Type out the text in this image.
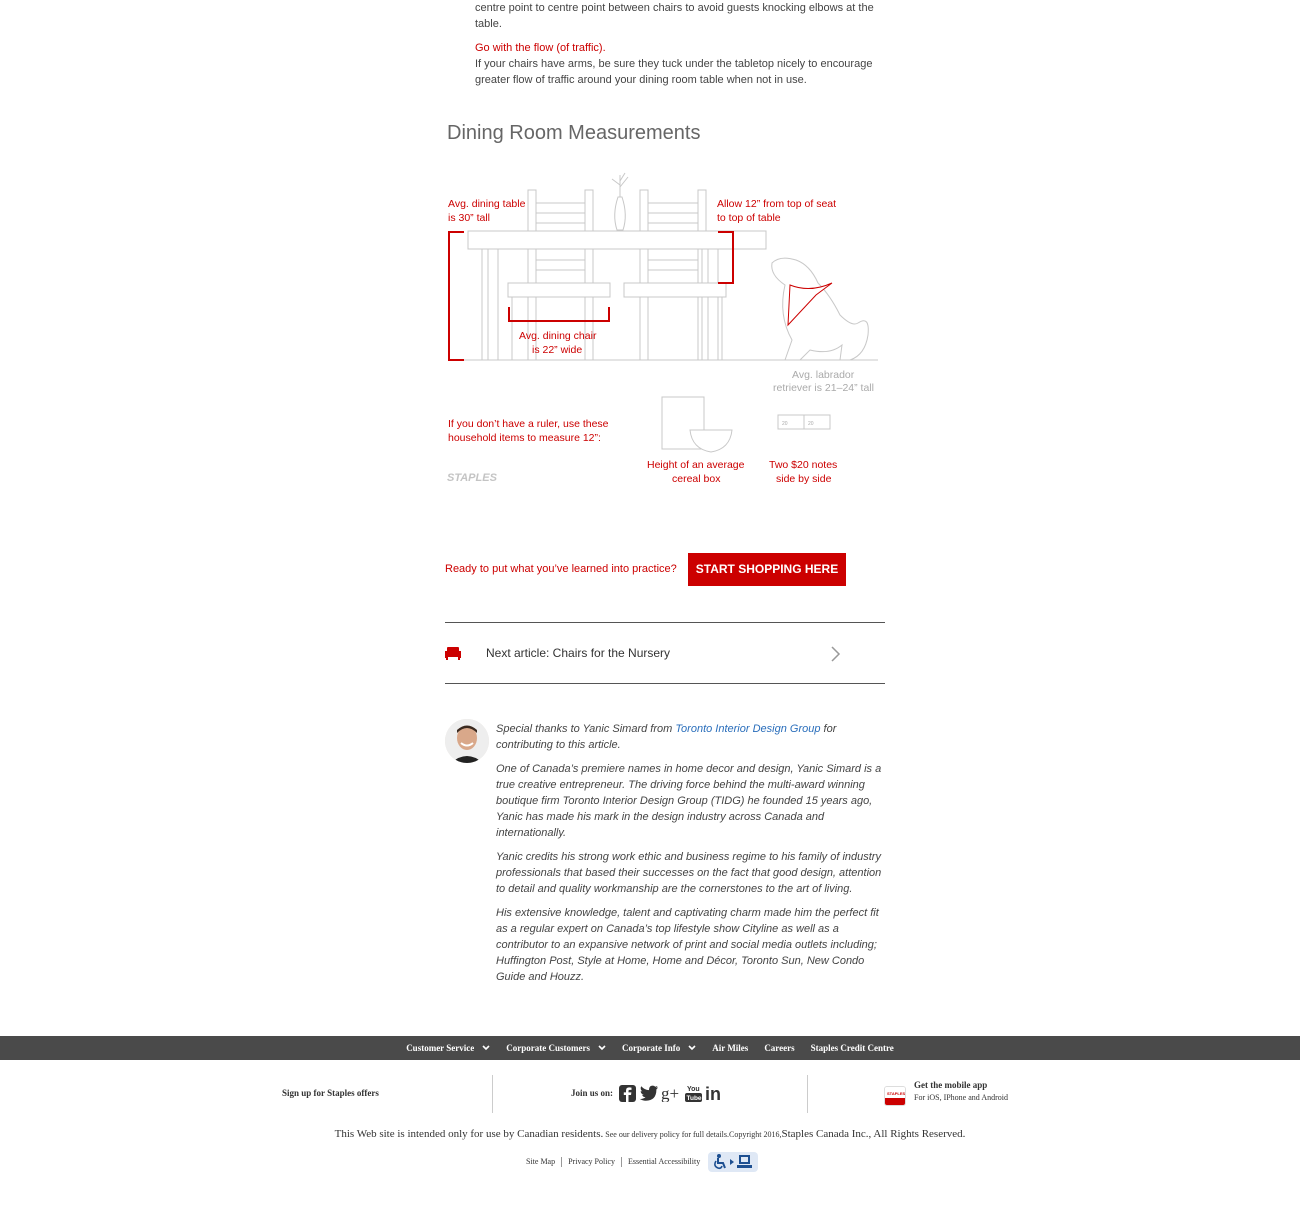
centre point to centre point between chairs to avoid guests knocking elbows at the

table.

Go with the flow (of traffic).

If your chairs have arms, be sure they tuck under the tabletop nicely to encourage greater flow of traffic around your dining room table when not in use.

Dining Room Measurements
Avg. dining table
is 30” tall
Allow 12” from top of seat
to top of table
Avg. dining chair
is 22” wide
If you don’t have a ruler, use these
household items to measure 12”:
Height of an average
cereal box
Two $20 notes
side by side
Avg. labrador
retriever is 21–24” tall
20	20
STAPLES
Ready to put what you’ve learned into practice?	START SHOPPING HERE
Next article: Chairs for the Nursery

Special thanks to Yanic Simard from Toronto Interior Design Group for contributing to this article.

One of Canada’s premiere names in home decor and design, Yanic Simard is a true creative entrepreneur. The driving force behind the multi-award winning boutique firm Toronto Interior Design Group (TIDG) he founded 15 years ago, Yanic has made his mark in the design industry across Canada and internationally.

Yanic credits his strong work ethic and business regime to his family of industry professionals that based their successes on the fact that good design, attention to detail and quality workmanship are the cornerstones to the art of living.

His extensive knowledge, talent and captivating charm made him the perfect fit as a regular expert on Canada’s top lifestyle show Cityline as well as a contributor to an expansive network of print and social media outlets including; Huffington Post, Style at Home, Home and Décor, Toronto Sun, New Condo Guide and Houzz.

Customer Service	Corporate Customers	Corporate Info	Air Miles Careers Staples Credit Centre
Sign up for Staples offers	Join us on:	g+ You
Tube in	STAPLES
Get the mobile app
For iOS, IPhone and Android
This Web site is intended only for use by Canadian residents. See our delivery policy for full details.Copyright 2016,Staples Canada Inc., All Rights Reserved.
Site Map	Privacy Policy	Essential Accessibility
